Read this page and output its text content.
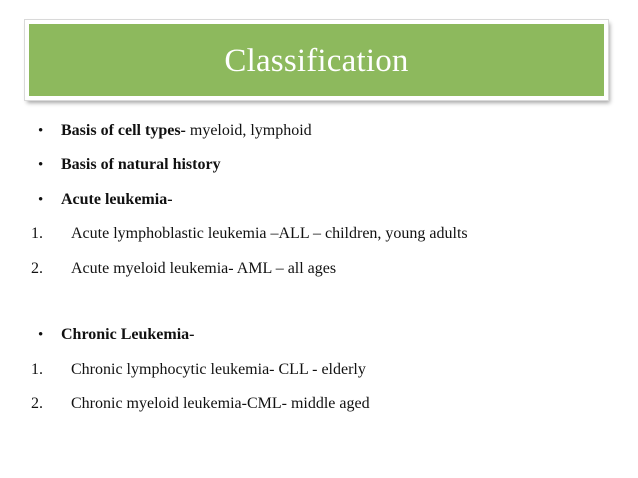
Classification
• Basis of cell types- myeloid, lymphoid
• Basis of natural history
• Acute leukemia-
1. Acute lymphoblastic leukemia –ALL – children, young adults
2. Acute myeloid leukemia- AML – all ages
• Chronic Leukemia-
1. Chronic lymphocytic leukemia- CLL - elderly
2. Chronic myeloid leukemia-CML- middle aged
